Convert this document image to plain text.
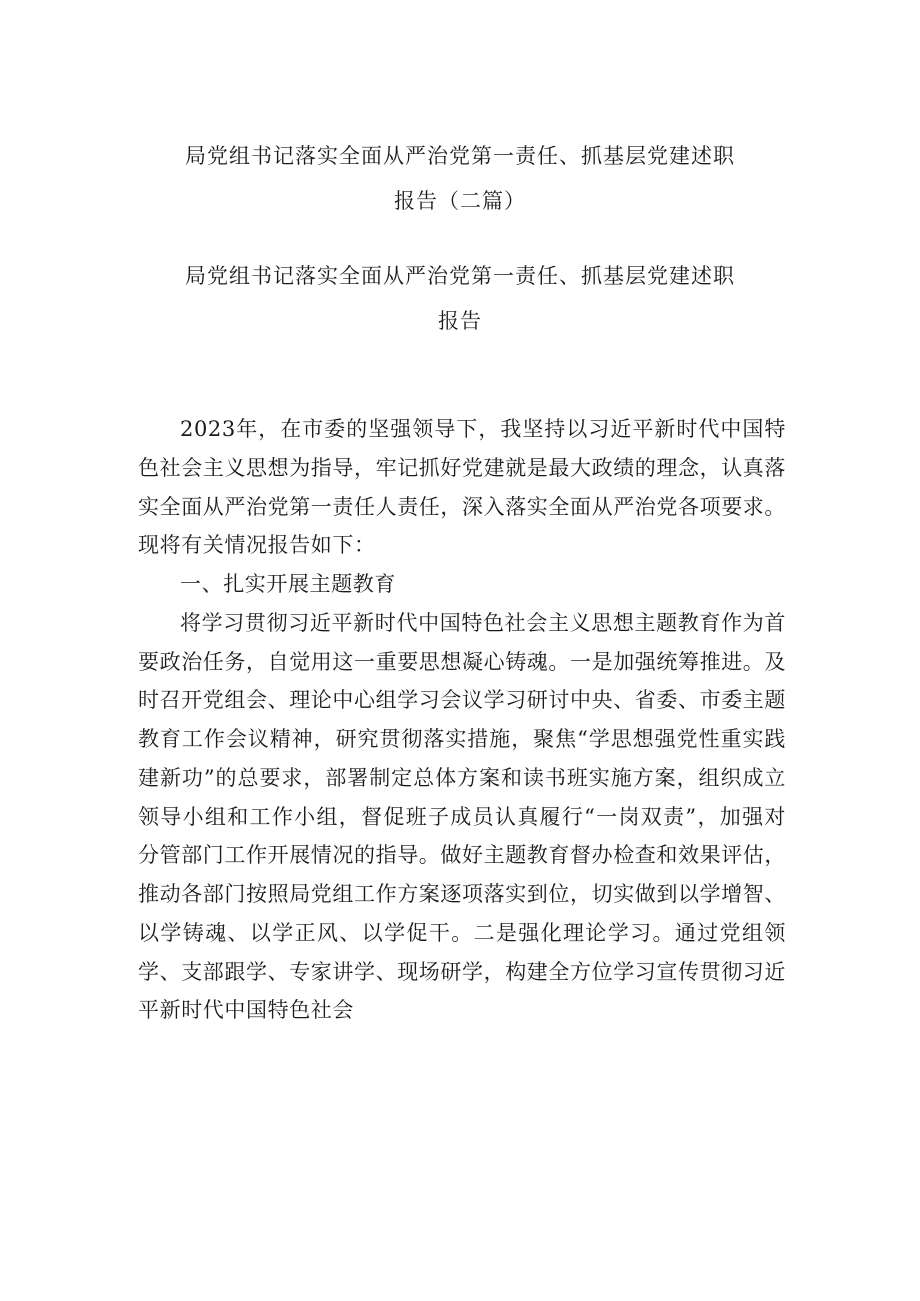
局党组书记落实全面从严治党第一责任、抓基层党建述职
报告（二篇）
局党组书记落实全面从严治党第一责任、抓基层党建述职
报告

2023年，在市委的坚强领导下，我坚持以习近平新时代中国特色社会主义思想为指导，牢记抓好党建就是最大政绩的理念，认真落实全面从严治党第一责任人责任，深入落实全面从严治党各项要求。现将有关情况报告如下：

一、扎实开展主题教育

将学习贯彻习近平新时代中国特色社会主义思想主题教育作为首要政治任务，自觉用这一重要思想凝心铸魂。一是加强统筹推进。及时召开党组会、理论中心组学习会议学习研讨中央、省委、市委主题教育工作会议精神，研究贯彻落实措施，聚焦“学思想强党性重实践建新功”的总要求，部署制定总体方案和读书班实施方案，组织成立领导小组和工作小组，督促班子成员认真履行“一岗双责”，加强对分管部门工作开展情况的指导。做好主题教育督办检查和效果评估，推动各部门按照局党组工作方案逐项落实到位，切实做到以学增智、以学铸魂、以学正风、以学促干。二是强化理论学习。通过党组领学、支部跟学、专家讲学、现场研学，构建全方位学习宣传贯彻习近平新时代中国特色社会
